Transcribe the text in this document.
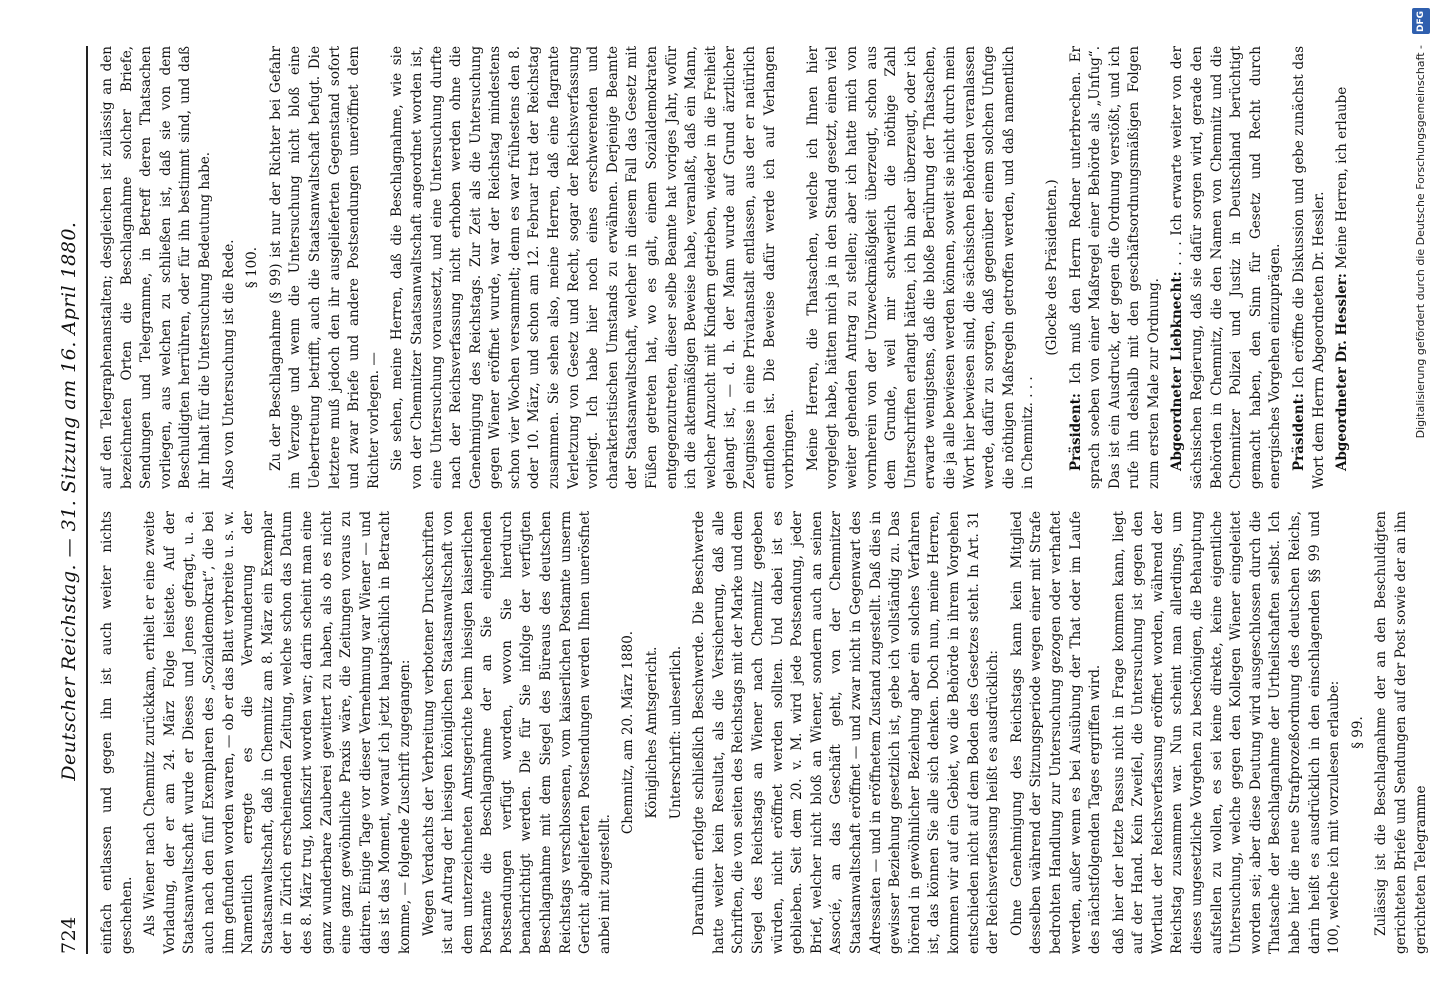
724
Deutscher Reichstag. — 31. Sitzung am 16. April 1880. einfach entlassen und gegen ihn ist auch weiter nichts geschehen. Als Wiener nach Chemnitz zurückkam, erhielt er eine zweite Vorladung, der er am 24. März Folge leistete. Auf der Staatsanwaltschaft wurde er Dieses und Jenes gefragt, u. a. auch nach den fünf Exemplaren des „Sozialdemokrat“, die bei ihm gefunden worden waren, — ob er das Blatt verbreite u. s. w. Namentlich erregte es die Verwunderung der Staatsanwaltschaft, daß in Chemnitz am 8. März ein Exemplar der in Zürich erscheinenden Zeitung, welche schon das Datum des 8. März trug, konfiszirt worden war; darin scheint man eine ganz wunderbare Zauberei gewittert zu haben, als ob es nicht eine ganz gewöhnliche Praxis wäre, die Zeitungen voraus zu datiren. Einige Tage vor dieser Vernehmung war Wiener — und das ist das Moment, worauf ich jetzt hauptsächlich in Betracht komme, — folgende Zuschrift zugegangen: Wegen Verdachts der Verbreitung verbotener Druckschriften ist auf Antrag der hiesigen königlichen Staatsanwaltschaft von dem unterzeichneten Amtsgerichte beim hiesigen kaiserlichen Postamte die Beschlagnahme der an Sie eingehenden Postsendungen verfügt worden, wovon Sie hierdurch benachrichtigt werden. Die für Sie infolge der verfügten Beschlagnahme mit dem Siegel des Büreaus des deutschen Reichstags verschlossenen, vom kaiserlichen Postamte unserm Gericht abgelieferten Postsendungen werden Ihnen unerösfnet anbei mit zugestellt.

Chemnitz, am 20. März 1880. Königliches Amtsgericht. Unterschrift: unleserlich. Daraufhin erfolgte schließlich Beschwerde. Die Beschwerde hatte weiter kein Resultat, als die Versicherung, daß alle Schriften, die von seiten des Reichstags mit der Marke und dem Siegel des Reichstags an Wiener nach Chemnitz gegeben würden, nicht eröffnet werden sollten. Und dabei ist es geblieben. Seit dem 20. v. M. wird jede Postsendung, jeder Brief, welcher nicht bloß an Wiener, sondern auch an seinen Associé, an das Geschäft geht, von der Chemnitzer Staatsanwaltschaft eröffnet — und zwar nicht in Gegenwart des Adressaten — und in eröffnetem Zustand zugestellt. Daß dies in gewisser Beziehung gesetzlich ist, gebe ich vollständig zu. Das hörend in gewöhnlicher Beziehung aber ein solches Verfahren ist, das können Sie alle sich denken. Doch nun, meine Herren, kommen wir auf ein Gebiet, wo die Behörde in ihrem Vorgehen entschieden nicht auf dem Boden des Gesetzes steht. In Art. 31 der Reichsverfassung heißt es ausdrücklich: Ohne Genehmigung des Reichstags kann kein Mitglied desselben während der Sitzungsperiode wegen einer mit Strafe bedrohten Handlung zur Untersuchung gezogen oder verhaftet werden, außer wenn es bei Ausübung der That oder im Laufe des nächstfolgenden Tages ergriffen wird. daß hier der letzte Passus nicht in Frage kommen kann, liegt auf der Hand. Kein Zweifel, die Untersuchung ist gegen den Wortlaut der Reichsverfassung eröffnet worden, während der Reichstag zusammen war. Nun scheint man allerdings, um dieses ungesetzliche Vorgehen zu beschönigen, die Behauptung aufstellen zu wollen, es sei keine direkte, keine eigentliche Untersuchung, welche gegen den Kollegen Wiener eingeleitet worden sei; aber diese Deutung wird ausgeschlossen durch die Thatsache der Beschlagnahme der Urtheilschaften selbst. Ich habe hier die neue Strafprozeßordnung des deutschen Reichs, darin heißt es ausdrücklich in den einschlagenden §§ 99 und 100, welche ich mit vorzulesen erlaube: § 99. Zulässig ist die Beschlagnahme der an den Beschuldigten gerichteten Briefe und Sendungen auf der Post sowie der an ihn gerichteten Telegramme

auf den Telegraphenanstalten; desgleichen ist zulässig an den bezeichneten Orten die Beschlagnahme solcher Briefe, Sendungen und Telegramme, in Betreff deren Thatsachen vorliegen, aus welchen zu schließen ist, daß sie von dem Beschuldigten herrühren, oder für ihn bestimmt sind, und daß ihr Inhalt für die Untersuchung Bedeutung habe. Also von Untersuchung ist die Rede. § 100. Zu der Beschlagnahme (§ 99) ist nur der Richter bei Gefahr im Verzuge und wenn die Untersuchung nicht bloß eine Uebertretung betrifft, auch die Staatsanwaltschaft befugt. Die letztere muß jedoch den ihr ausgelieferten Gegenstand sofort und zwar Briefe und andere Postsendungen uneröffnet dem Richter vorlegen. — Sie sehen, meine Herren, daß die Beschlagnahme, wie sie von der Chemnitzer Staatsanwaltschaft angeordnet worden ist, eine Untersuchung voraussetzt, und eine Untersuchung durfte nach der Reichsverfassung nicht erhoben werden ohne die Genehmigung des Reichstags. Zur Zeit als die Untersuchung gegen Wiener eröffnet wurde, war der Reichstag mindestens schon vier Wochen versammelt; denn es war frühestens den 8. oder 10. März, und schon am 12. Februar trat der Reichstag zusammen. Sie sehen also, meine Herren, daß eine flagrante Verletzung von Gesetz und Recht, sogar der Reichsverfassung vorliegt. Ich habe hier noch eines erschwerenden und charakteristischen Umstands zu erwähnen. Derjenige Beamte der Staatsanwaltschaft, welcher in diesem Fall das Gesetz mit Füßen getreten hat, wo es galt, einem Sozialdemokraten entgegenzutreten, dieser selbe Beamte hat voriges Jahr, wofür ich die aktenmäßigen Beweise habe, veranlaßt, daß ein Mann, welcher Anzucht mit Kindern getrieben, wieder in die Freiheit gelangt ist, — d. h. der Mann wurde auf Grund ärztlicher Zeugnisse in eine Privatanstalt entlassen, aus der er natürlich entflohen ist. Die Beweise dafür werde ich auf Verlangen vorbringen. Meine Herren, die Thatsachen, welche ich Ihnen hier vorgelegt habe, hätten mich ja in den Stand gesetzt, einen viel weiter gehenden Antrag zu stellen; aber ich hatte mich von vornherein von der Unzweckmäßigkeit überzeugt, schon aus dem Grunde, weil mir schwerlich die nöthige Zahl Unterschriften erlangt hätten, ich bin aber überzeugt, oder ich erwarte wenigstens, daß die bloße Berührung der Thatsachen, die ja alle bewiesen werden können, soweit sie nicht durch mein Wort hier bewiesen sind, die sächsischen Behörden veranlassen werde, dafür zu sorgen, daß gegenüber einem solchen Unfuge die nöthigen Maßregeln getroffen werden, und daß namentlich in Chemnitz. . . .

(Glocke des Präsidenten.)

Präsident: Ich muß den Herrn Redner unterbrechen. Er sprach soeben von einer Maßregel einer Behörde als „Unfug“. Das ist ein Ausdruck, der gegen die Ordnung verstößt, und ich rufe ihn deshalb mit den geschäftsordnungsmäßigen Folgen zum ersten Male zur Ordnung. Abgeordneter Liebknecht: . . . Ich erwarte weiter von der sächsischen Regierung, daß sie dafür sorgen wird, gerade den Behörden in Chemnitz, die den Namen von Chemnitz und die Chemnitzer Polizei und Justiz in Deutschland berüchtigt gemacht haben, den Sinn für Gesetz und Recht durch energisches Vorgehen einzuprägen. Präsident: Ich eröffne die Diskussion und gebe zunächst das Wort dem Herrn Abgeordneten Dr. Hessler. Abgeordneter Dr. Hessler: Meine Herren, ich erlaube	Digitalisierung gefördert durch die Deutsche Forschungsgemeinschaft -
DFG
